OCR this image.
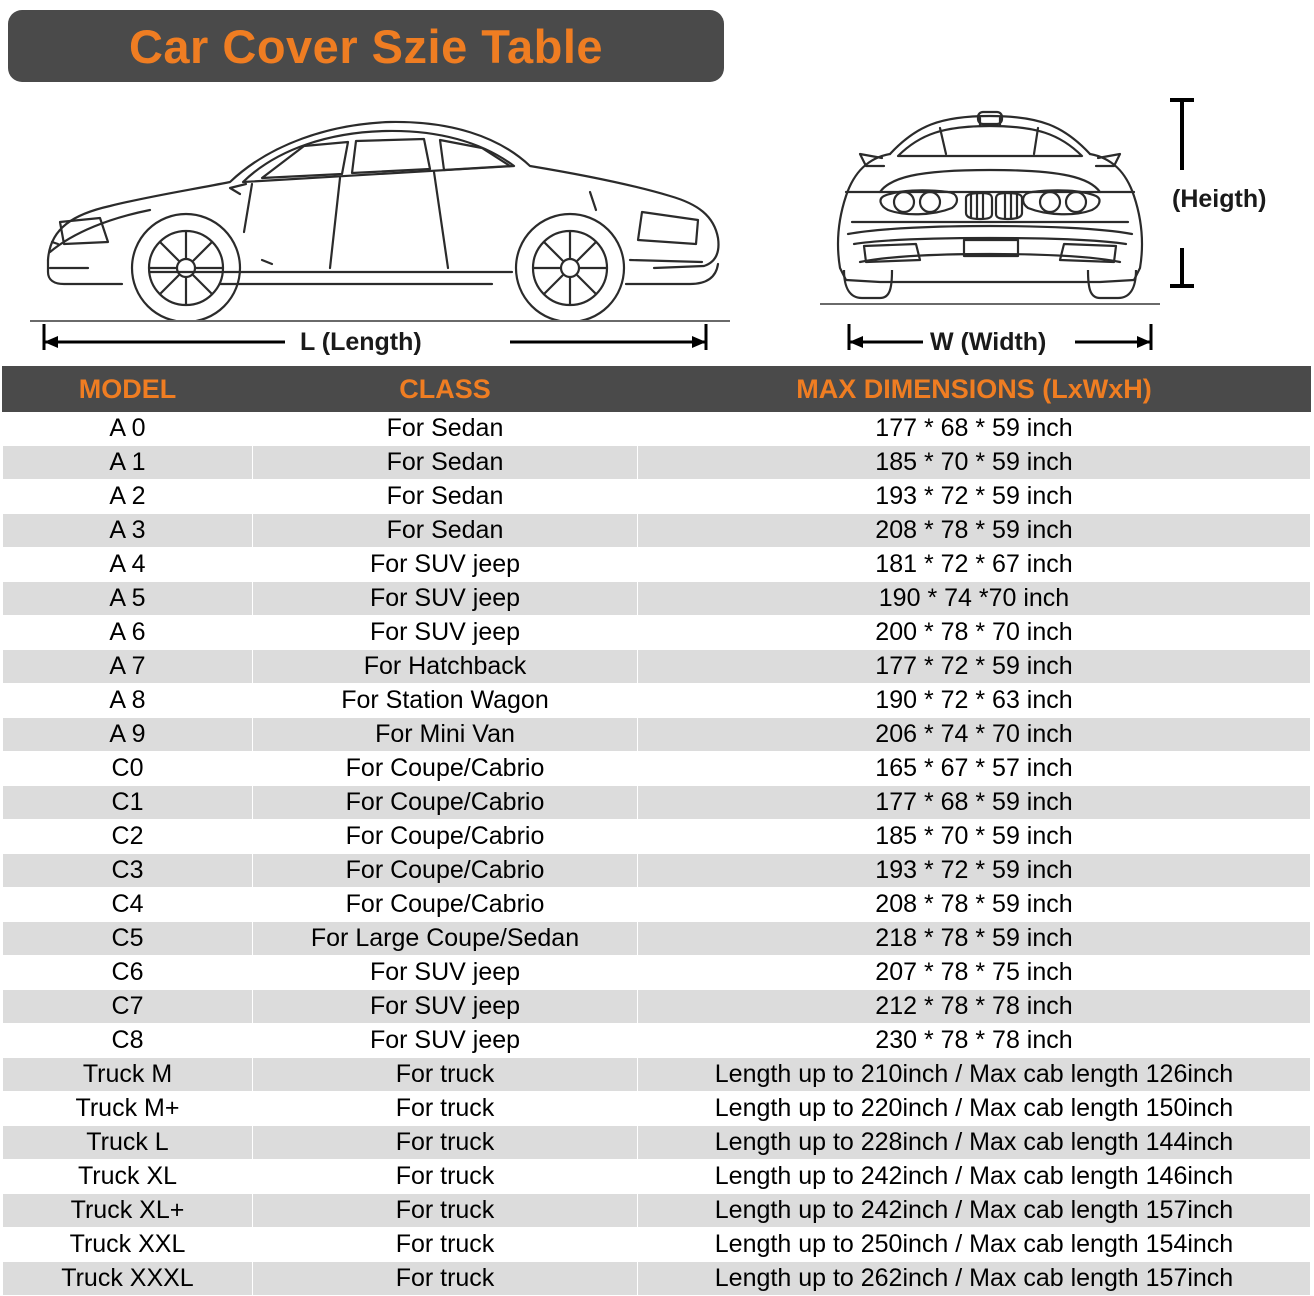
Car Cover Szie Table
L (Length)	W (Width)
(Heigth)
MODEL	CLASS	MAX DIMENSIONS (LxWxH)
A 0	For Sedan	177 * 68 * 59 inch
A 1	For Sedan	185 * 70 * 59 inch
A 2	For Sedan	193 * 72 * 59 inch
A 3	For Sedan	208 * 78 * 59 inch
A 4	For SUV jeep	181 * 72 * 67 inch
A 5	For SUV jeep	190 * 74 *70 inch
A 6	For SUV jeep	200 * 78 * 70 inch
A 7	For Hatchback	177 * 72 * 59 inch
A 8	For Station Wagon	190 * 72 * 63 inch
A 9	For Mini Van	206 * 74 * 70 inch
C0	For Coupe/Cabrio	165 * 67 * 57 inch
C1	For Coupe/Cabrio	177 * 68 * 59 inch
C2	For Coupe/Cabrio	185 * 70 * 59 inch
C3	For Coupe/Cabrio	193 * 72 * 59 inch
C4	For Coupe/Cabrio	208 * 78 * 59 inch
C5	For Large Coupe/Sedan	218 * 78 * 59 inch
C6	For SUV jeep	207 * 78 * 75 inch
C7	For SUV jeep	212 * 78 * 78 inch
C8	For SUV jeep	230 * 78 * 78 inch
Truck M	For truck	Length up to 210inch / Max cab length 126inch
Truck M+	For truck	Length up to 220inch / Max cab length 150inch
Truck L	For truck	Length up to 228inch / Max cab length 144inch
Truck XL	For truck	Length up to 242inch / Max cab length 146inch
Truck XL+	For truck	Length up to 242inch / Max cab length 157inch
Truck XXL	For truck	Length up to 250inch / Max cab length 154inch
Truck XXXL	For truck	Length up to 262inch / Max cab length 157inch
